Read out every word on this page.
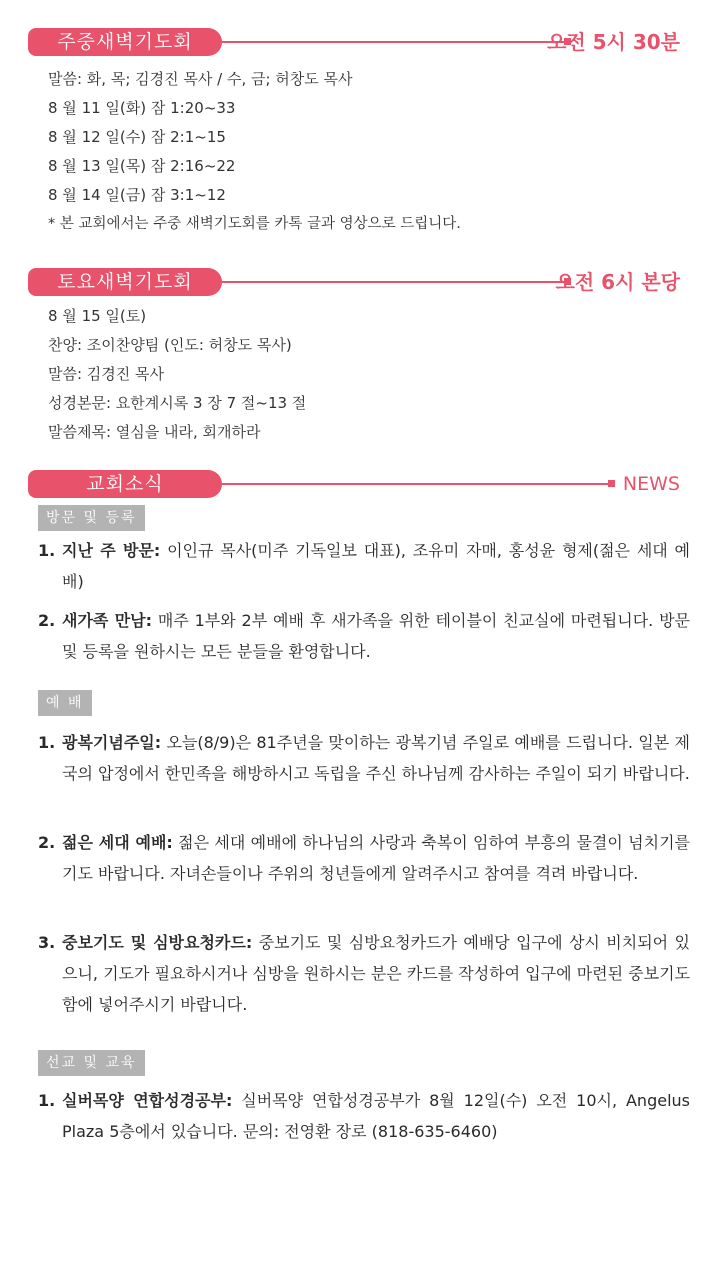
주중새벽기도회	오전 5시 30분
말씀: 화, 목; 김경진 목사 / 수, 금; 허창도 목사
8 월 11 일(화) 잠 1:20~33
8 월 12 일(수) 잠 2:1~15
8 월 13 일(목) 잠 2:16~22
8 월 14 일(금) 잠 3:1~12
* 본 교회에서는 주중 새벽기도회를 카톡 글과 영상으로 드립니다.
토요새벽기도회	오전 6시 본당
8 월 15 일(토)
찬양: 조이찬양팀 (인도: 허창도 목사)
말씀: 김경진 목사
성경본문: 요한계시록 3 장 7 절~13 절
말씀제목: 열심을 내라, 회개하라
교회소식	NEWS
방문 및 등록
1. 지난 주 방문: 이인규 목사(미주 기독일보 대표), 조유미 자매, 홍성윤 형제(젊은 세대 예배)
2. 새가족 만남: 매주 1부와 2부 예배 후 새가족을 위한 테이블이 친교실에 마련됩니다. 방문 및 등록을 원하시는 모든 분들을 환영합니다.
예 배
1. 광복기념주일: 오늘(8/9)은 81주년을 맞이하는 광복기념 주일로 예배를 드립니다. 일본 제국의 압정에서 한민족을 해방하시고 독립을 주신 하나님께 감사하는 주일이 되기 바랍니다.
2. 젊은 세대 예배: 젊은 세대 예배에 하나님의 사랑과 축복이 임하여 부흥의 물결이 넘치기를 기도 바랍니다. 자녀손들이나 주위의 청년들에게 알려주시고 참여를 격려 바랍니다.
3. 중보기도 및 심방요청카드: 중보기도 및 심방요청카드가 예배당 입구에 상시 비치되어 있으니, 기도가 필요하시거나 심방을 원하시는 분은 카드를 작성하여 입구에 마련된 중보기도함에 넣어주시기 바랍니다.
선교 및 교육
1. 실버목양 연합성경공부: 실버목양 연합성경공부가 8월 12일(수) 오전 10시, Angelus Plaza 5층에서 있습니다. 문의: 전영환 장로 (818-635-6460)
